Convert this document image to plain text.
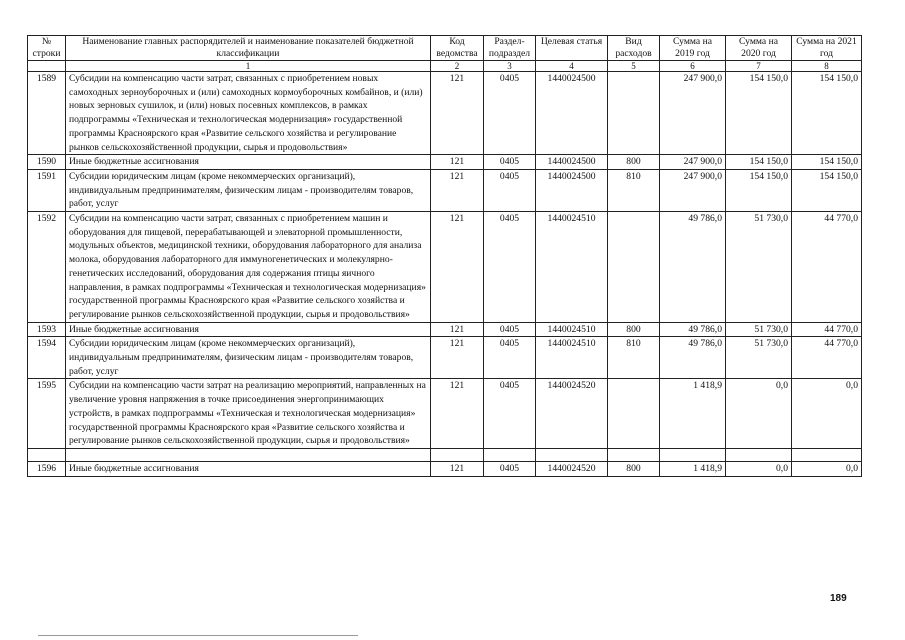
№ строки	Наименование главных распорядителей и наименование показателей бюджетной классификации	Код ведомства	Раздел-подраздел	Целевая статья	Вид расходов	Сумма на 2019 год	Сумма на 2020 год	Сумма на 2021 год
	1	2	3	4	5	6	7	8
1589	Субсидии на компенсацию части затрат, связанных с приобретением новых самоходных зерноуборочных и (или) самоходных кормоуборочных комбайнов, и (или) новых зерновых сушилок, и (или) новых посевных комплексов, в рамках подпрограммы «Техническая и технологическая модернизация» государственной программы Красноярского края «Развитие сельского хозяйства и регулирование рынков сельскохозяйственной продукции, сырья и продовольствия»	121	0405	1440024500		247 900,0	154 150,0	154 150,0
1590	Иные бюджетные ассигнования	121	0405	1440024500	800	247 900,0	154 150,0	154 150,0
1591	Субсидии юридическим лицам (кроме некоммерческих организаций), индивидуальным предпринимателям, физическим лицам - производителям товаров, работ, услуг	121	0405	1440024500	810	247 900,0	154 150,0	154 150,0
1592	Субсидии на компенсацию части затрат, связанных с приобретением машин и оборудования для пищевой, перерабатывающей и элеваторной промышленности, модульных объектов, медицинской техники, оборудования лабораторного для анализа молока, оборудования лабораторного для иммуногенетических и молекулярно-генетических исследований, оборудования для содержания птицы яичного направления, в рамках подпрограммы «Техническая и технологическая модернизация» государственной программы Красноярского края «Развитие сельского хозяйства и регулирование рынков сельскохозяйственной продукции, сырья и продовольствия»	121	0405	1440024510		49 786,0	51 730,0	44 770,0
1593	Иные бюджетные ассигнования	121	0405	1440024510	800	49 786,0	51 730,0	44 770,0
1594	Субсидии юридическим лицам (кроме некоммерческих организаций), индивидуальным предпринимателям, физическим лицам - производителям товаров, работ, услуг	121	0405	1440024510	810	49 786,0	51 730,0	44 770,0
1595	Субсидии на компенсацию части затрат на реализацию мероприятий, направленных на увеличение уровня напряжения в точке присоединения энергопринимающих устройств, в рамках подпрограммы «Техническая и технологическая модернизация» государственной программы Красноярского края «Развитие сельского хозяйства и регулирование рынков сельскохозяйственной продукции, сырья и продовольствия»	121	0405	1440024520		1 418,9	0,0	0,0

1596	Иные бюджетные ассигнования	121	0405	1440024520	800	1 418,9	0,0	0,0
189
